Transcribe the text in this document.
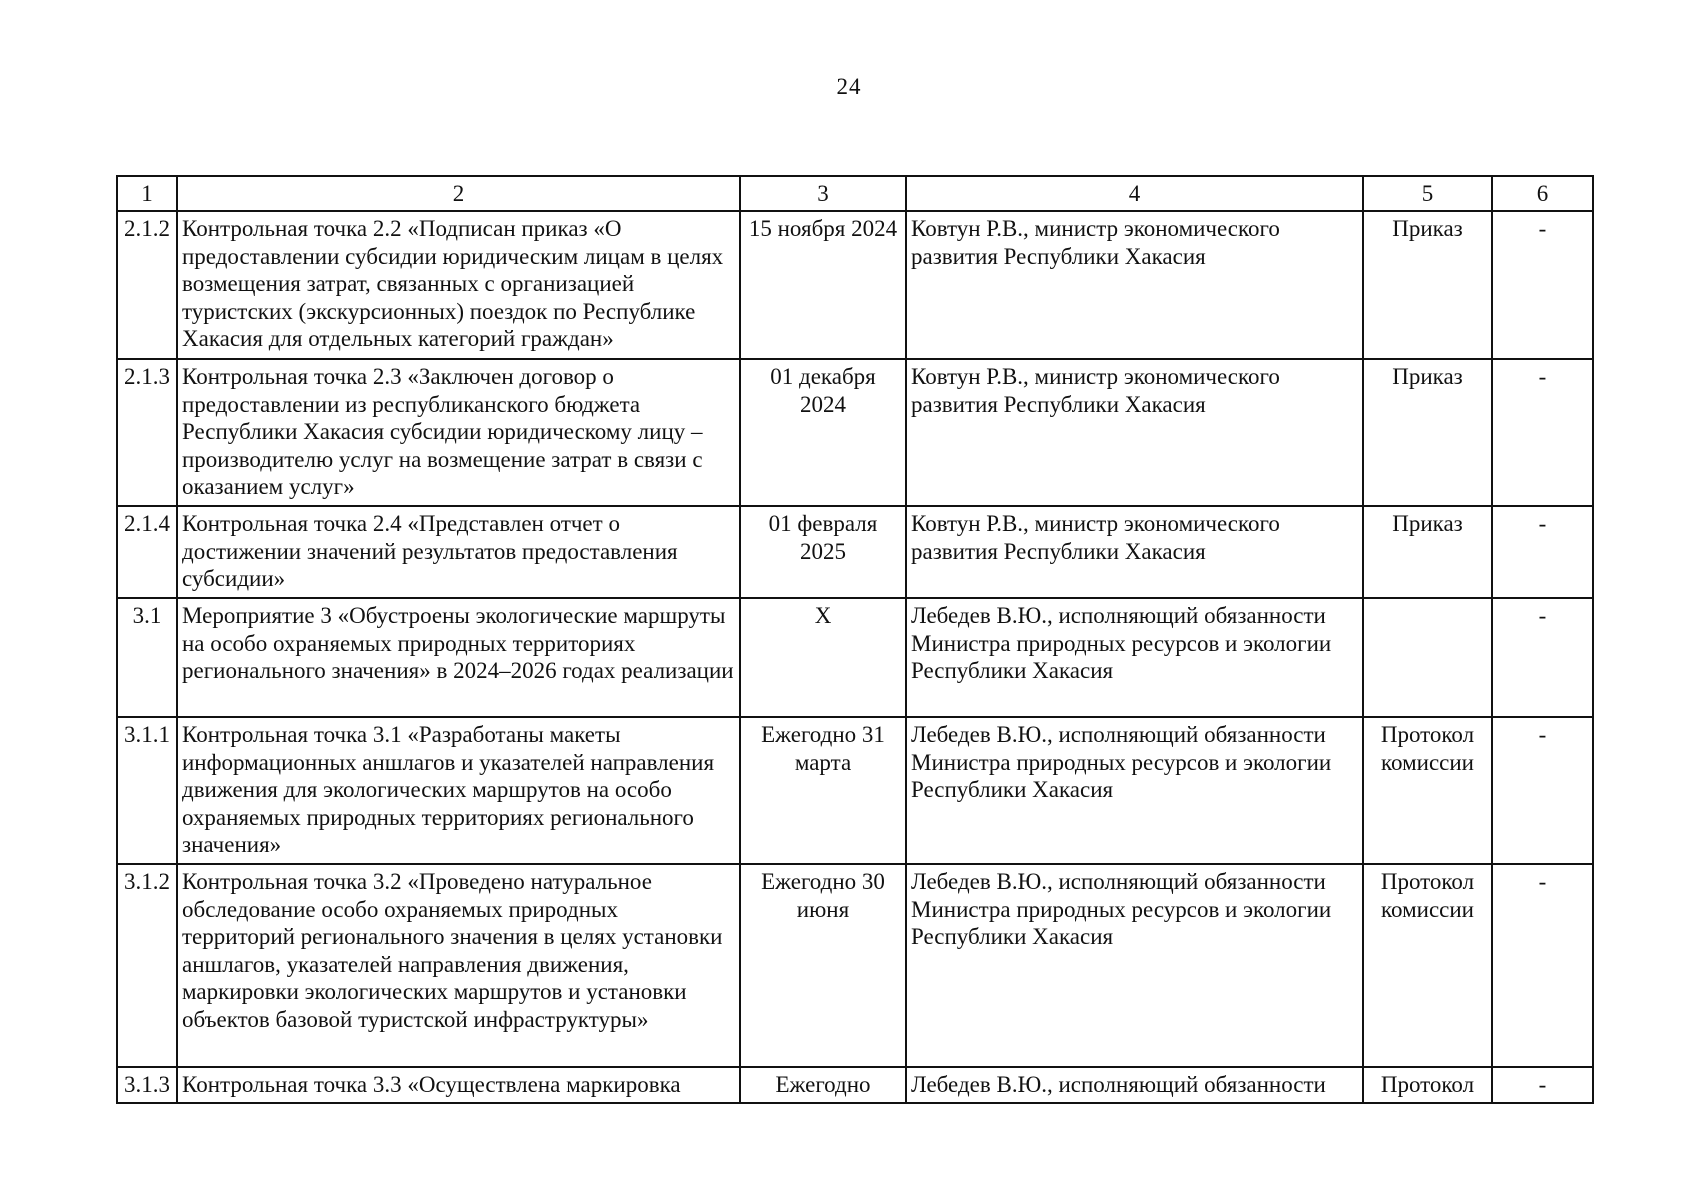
24
1	2	3	4	5	6
2.1.2	Контрольная точка 2.2 «Подписан приказ «О предоставлении субсидии юридическим лицам в целях возмещения затрат, связанных с организацией туристских (экскурсионных) поездок по Республике Хакасия для отдельных категорий граждан»	15 ноября 2024	Ковтун Р.В., министр экономического развития Республики Хакасия	Приказ	-
2.1.3	Контрольная точка 2.3 «Заключен договор о предоставлении из республиканского бюджета Республики Хакасия субсидии юридическому лицу – производителю услуг на возмещение затрат в связи с оказанием услуг»	01 декабря 2024	Ковтун Р.В., министр экономического развития Республики Хакасия	Приказ	-
2.1.4	Контрольная точка 2.4 «Представлен отчет о достижении значений результатов предоставления субсидии»	01 февраля 2025	Ковтун Р.В., министр экономического развития Республики Хакасия	Приказ	-
3.1	Мероприятие 3 «Обустроены экологические маршруты на особо охраняемых природных территориях регионального значения» в 2024–2026 годах реализации	Х	Лебедев В.Ю., исполняющий обязанности Министра природных ресурсов и экологии Республики Хакасия		-
3.1.1	Контрольная точка 3.1 «Разработаны макеты информационных аншлагов и указателей направления движения для экологических маршрутов на особо охраняемых природных территориях регионального значения»	Ежегодно 31 марта	Лебедев В.Ю., исполняющий обязанности Министра природных ресурсов и экологии Республики Хакасия	Протокол комиссии	-
3.1.2	Контрольная точка 3.2 «Проведено натуральное обследование особо охраняемых природных территорий регионального значения в целях установки аншлагов, указателей направления движения, маркировки экологических маршрутов и установки объектов базовой туристской инфраструктуры»	Ежегодно 30 июня	Лебедев В.Ю., исполняющий обязанности Министра природных ресурсов и экологии Республики Хакасия	Протокол комиссии	-
3.1.3	Контрольная точка 3.3 «Осуществлена маркировка	Ежегодно	Лебедев В.Ю., исполняющий обязанности	Протокол	-
